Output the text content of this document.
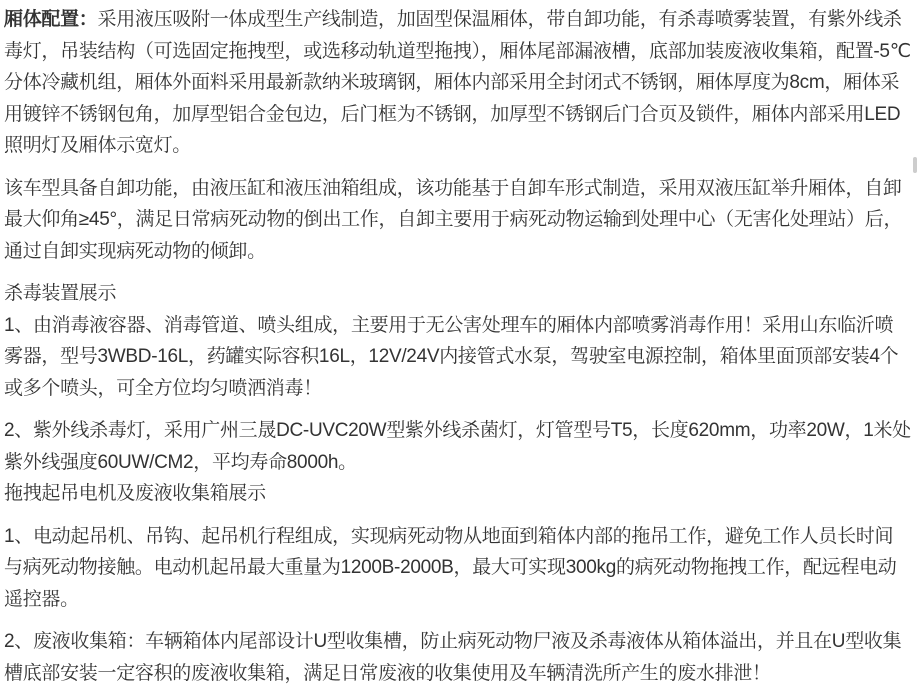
厢体配置：采用液压吸附一体成型生产线制造，加固型保温厢体，带自卸功能，有杀毒喷雾装置，有紫外线杀毒灯，吊装结构（可选固定拖拽型，或选移动轨道型拖拽），厢体尾部漏液槽，底部加装废液收集箱，配置-5℃分体冷藏机组，厢体外面料采用最新款纳米玻璃钢，厢体内部采用全封闭式不锈钢，厢体厚度为8cm，厢体采用镀锌不锈钢包角，加厚型铝合金包边，后门框为不锈钢，加厚型不锈钢后门合页及锁件，厢体内部采用LED照明灯及厢体示宽灯。

该车型具备自卸功能，由液压缸和液压油箱组成，该功能基于自卸车形式制造，采用双液压缸举升厢体，自卸最大仰角≥45°，满足日常病死动物的倒出工作，自卸主要用于病死动物运输到处理中心（无害化处理站）后，通过自卸实现病死动物的倾卸。

杀毒装置展示
1、由消毒液容器、消毒管道、喷头组成，主要用于无公害处理车的厢体内部喷雾消毒作用！采用山东临沂喷雾器，型号3WBD-16L，药罐实际容积16L，12V/24V内接管式水泵，驾驶室电源控制，箱体里面顶部安装4个或多个喷头，可全方位均匀喷洒消毒！
2、紫外线杀毒灯，采用广州三晟DC-UVC20W型紫外线杀菌灯，灯管型号T5，长度620mm，功率20W，1米处紫外线强度60UW/CM2，平均寿命8000h。
拖拽起吊电机及废液收集箱展示

1、电动起吊机、吊钩、起吊机行程组成，实现病死动物从地面到箱体内部的拖吊工作，避免工作人员长时间与病死动物接触。电动机起吊最大重量为1200B-2000B，最大可实现300kg的病死动物拖拽工作，配远程电动遥控器。

2、废液收集箱：车辆箱体内尾部设计U型收集槽，防止病死动物尸液及杀毒液体从箱体溢出，并且在U型收集槽底部安装一定容积的废液收集箱，满足日常废液的收集使用及车辆清洗所产生的废水排泄！
